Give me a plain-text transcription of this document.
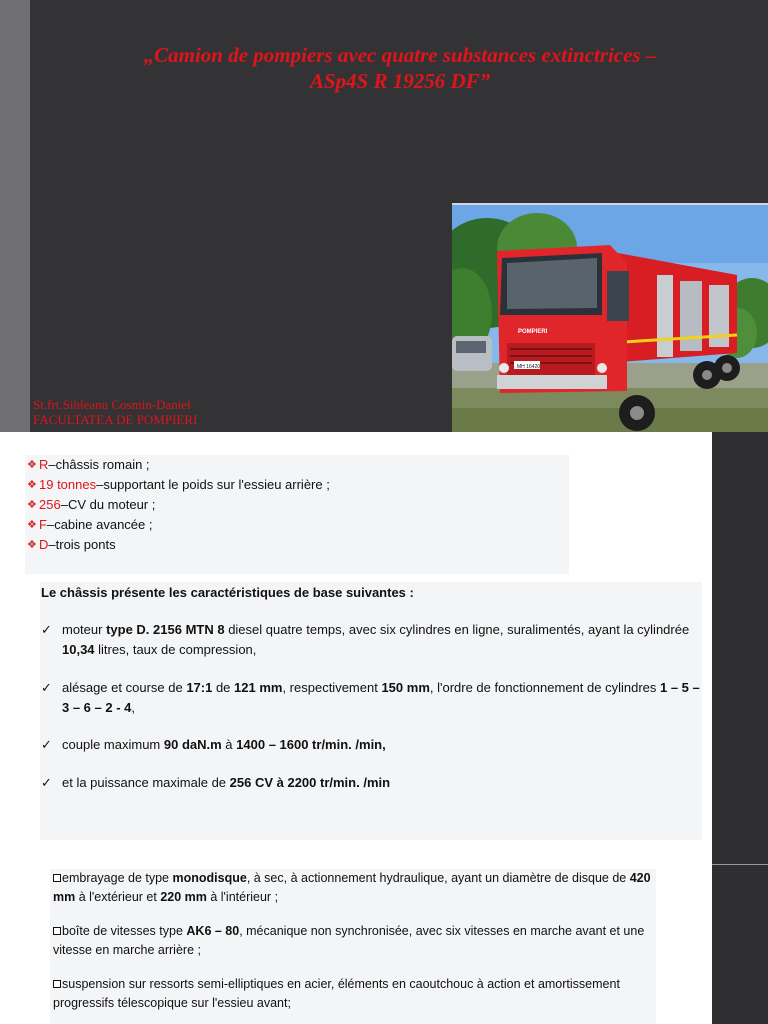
„Camion de pompiers avec quatre substances extinctrices –
ASp4S R 19256 DF”
St.frt.Sihleanu Cosmin-Daniel
FACULTATEA DE POMPIERI
MH 16420
POMPIERI
❖ R – châssis romain ;
❖ 19 tonnes – supportant le poids sur l'essieu arrière ;
❖ 256 – CV du moteur ;
❖ F – cabine avancée ;
❖ D – trois ponts
Le châssis présente les caractéristiques de base suivantes :
✓ moteur type D. 2156 MTN 8 diesel quatre temps, avec six cylindres en ligne, suralimentés, ayant la cylindrée 10,34 litres, taux de compression,
✓ alésage et course de 17:1 de 121 mm, respectivement 150 mm, l'ordre de fonctionnement de cylindres 1 – 5 – 3 – 6 – 2 - 4,
✓ couple maximum 90 daN.m à 1400 – 1600 tr/min. /min,
✓ et la puissance maximale de 256 CV à 2200 tr/min. /min
embrayage de type monodisque, à sec, à actionnement hydraulique, ayant un diamètre de disque de 420 mm à l'extérieur et 220 mm à l'intérieur ;
boîte de vitesses type AK6 – 80, mécanique non synchronisée, avec six vitesses en marche avant et une vitesse en marche arrière ;
suspension sur ressorts semi-elliptiques en acier, éléments en caoutchouc à action et amortissement progressifs télescopique sur l'essieu avant;
